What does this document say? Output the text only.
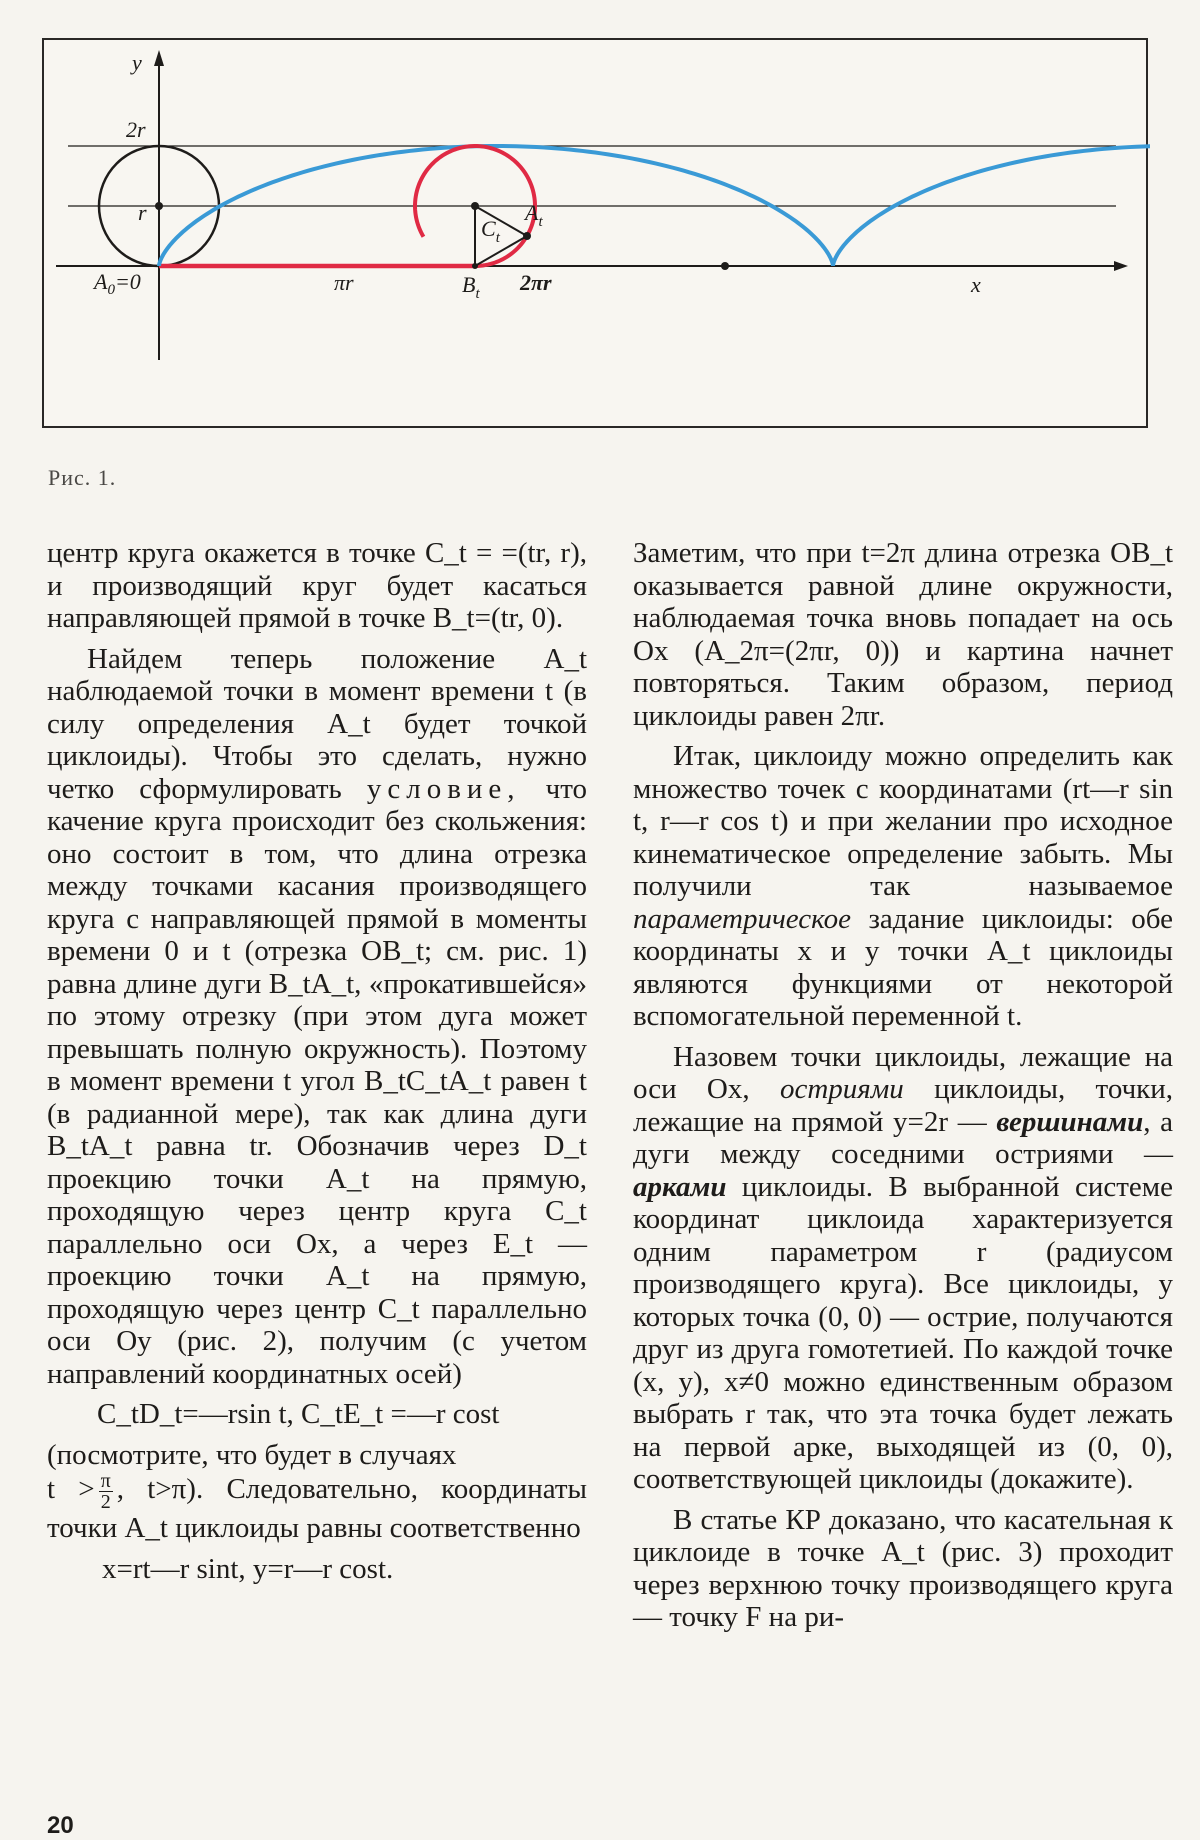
y
x
2r
r
$A_0=0$	πr	$B_t$ 2πr
$C_t$
$A_t$
Рис. 1.

центр круга окажется в точке C_t = =(tr, r), и производящий круг будет касаться направляющей прямой в точке B_t=(tr, 0).

Найдем теперь положение A_t наблюдаемой точки в момент времени t (в силу определения A_t будет точкой циклоиды). Чтобы это сделать, нужно четко сформулировать условие, что качение круга происходит без скольжения: оно состоит в том, что длина отрезка между точками касания производящего круга с направляющей прямой в моменты времени 0 и t (отрезка OB_t; см. рис. 1) равна длине дуги B_tA_t, «прокатившейся» по этому отрезку (при этом дуга может превышать полную окружность). Поэтому в момент времени t угол B_tC_tA_t равен t (в радианной мере), так как длина дуги B_tA_t равна tr. Обозначив через D_t проекцию точки A_t на прямую, проходящую через центр круга C_t параллельно оси Ox, а через E_t — проекцию точки A_t на прямую, проходящую через центр C_t параллельно оси Oy (рис. 2), получим (с учетом направлений координатных осей)

C_tD_t=—rsin t, C_tE_t =—r cost

(посмотрите, что будет в случаях
$t > \frac{\pi}{2}$ , t>π). Следовательно, координаты точки A_t циклоиды равны соответственно

x=rt—r sint, y=r—r cost.

Заметим, что при t=2π длина отрезка OB_t оказывается равной длине окружности, наблюдаемая точка вновь попадает на ось Ox (A_2π=(2πr, 0)) и картина начнет повторяться. Таким образом, период циклоиды равен 2πr.

Итак, циклоиду можно определить как множество точек с координатами (rt—r sin t, r—r cos t) и при желании про исходное кинематическое определение забыть. Мы получили так называемое параметрическое задание циклоиды: обе координаты x и y точки A_t циклоиды являются функциями от некоторой вспомогательной переменной t.

Назовем точки циклоиды, лежащие на оси Ox, остриями циклоиды, точки, лежащие на прямой y=2r — вершинами, а дуги между соседними остриями — арками циклоиды. В выбранной системе координат циклоида характеризуется одним параметром r (радиусом производящего круга). Все циклоиды, у которых точка (0, 0) — острие, получаются друг из друга гомотетией. По каждой точке (x, y), x≠0 можно единственным образом выбрать r так, что эта точка будет лежать на первой арке, выходящей из (0, 0), соответствующей циклоиды (докажите).

В статье КР доказано, что касательная к циклоиде в точке A_t (рис. 3) проходит через верхнюю точку производящего круга — точку F на ри-

20
